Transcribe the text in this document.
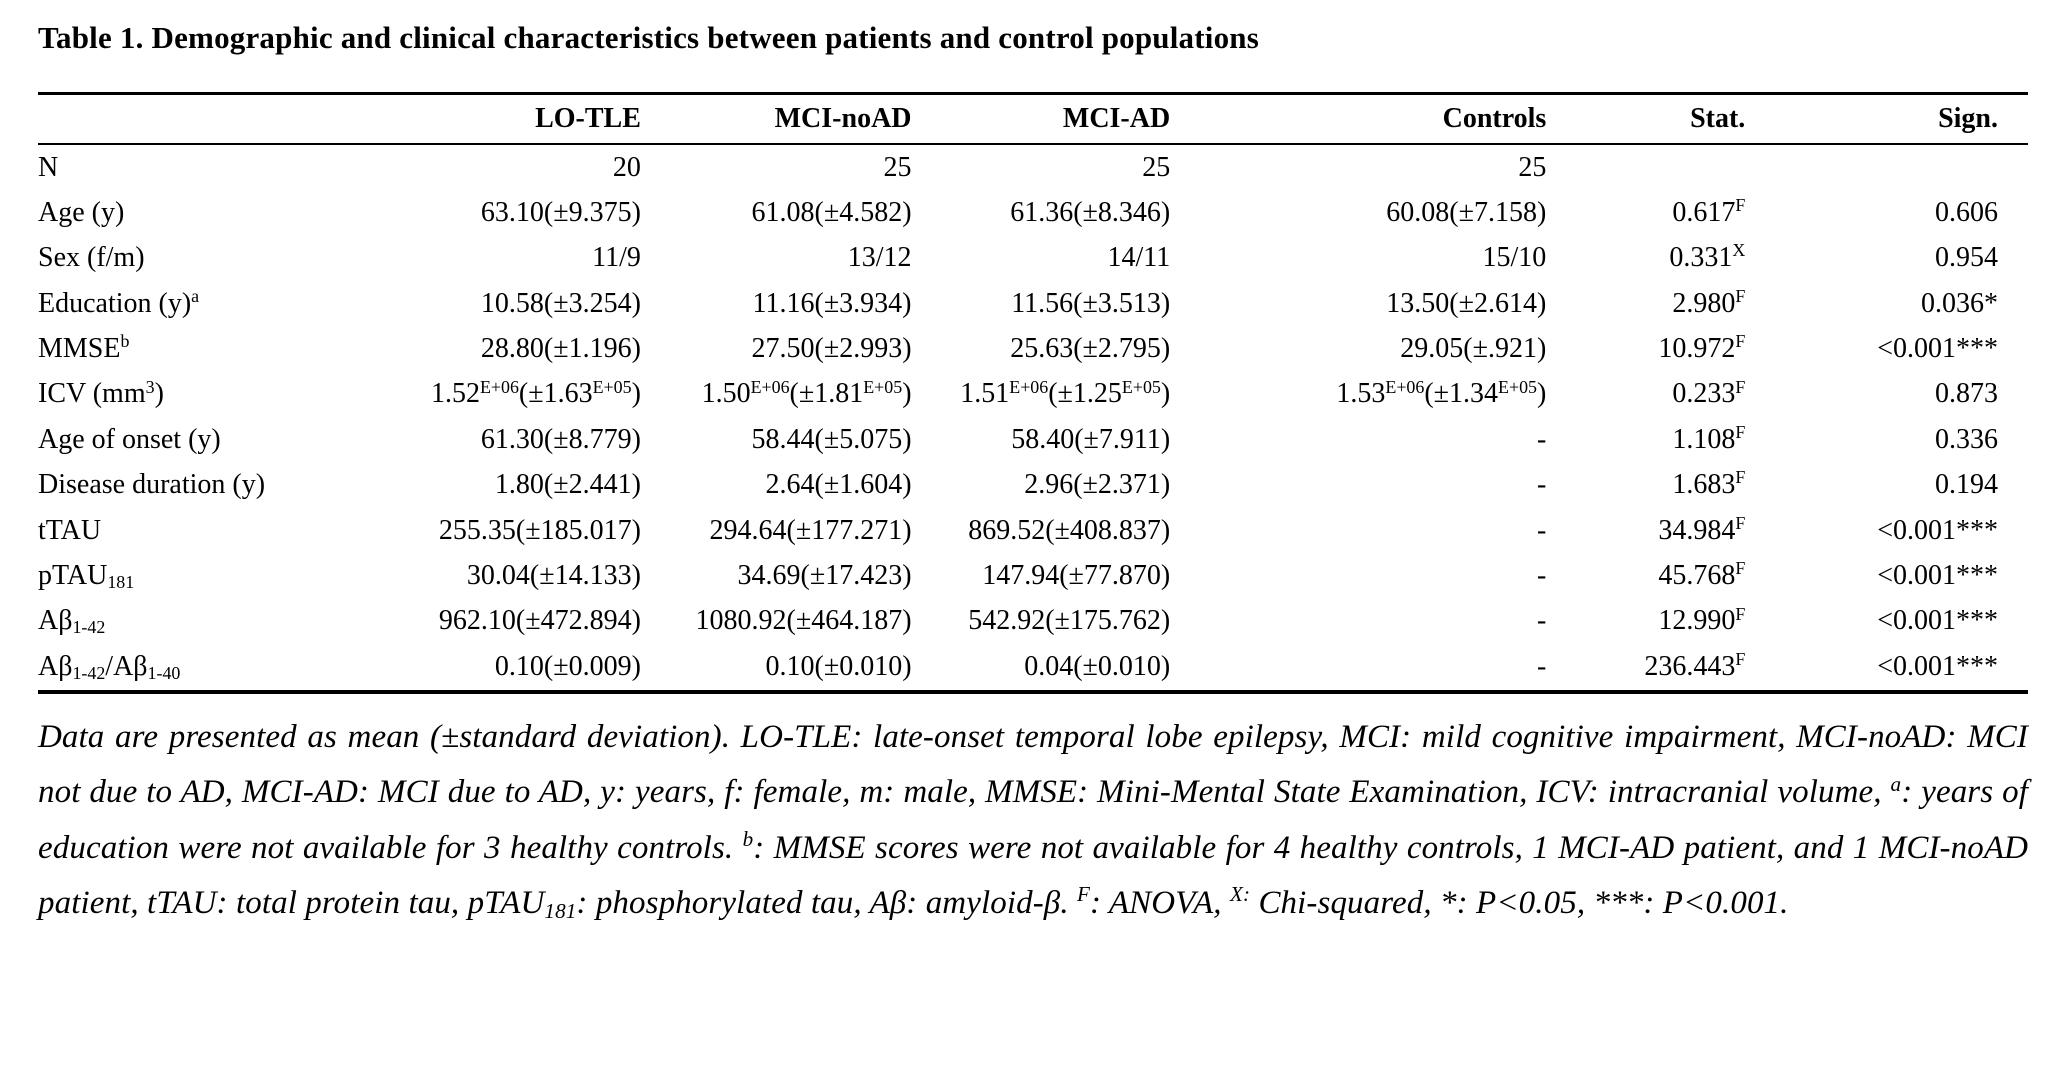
Table 1. Demographic and clinical characteristics between patients and control populations
	LO-TLE	MCI-noAD	MCI-AD	Controls	Stat.	Sign.
N	20	25	25	25		
Age (y)	63.10(±9.375)	61.08(±4.582)	61.36(±8.346)	60.08(±7.158)	$0.617^F$	0.606
Sex (f/m)	11/9	13/12	14/11	15/10	$0.331^X$	0.954
Education $(y)^a$	10.58(±3.254)	11.16(±3.934)	11.56(±3.513)	13.50(±2.614)	$2.980^F$	0.036*
MMSE$^b$	28.80(±1.196)	27.50(±2.993)	25.63(±2.795)	29.05(±.921)	$10.972^F$	<0.001***
ICV $(mm^3)$	$1.52^{E+06}(\pm 1.63^{E+05})$	$1.50^{E+06}(\pm 1.81^{E+05})$	$1.51^{E+06}(\pm 1.25^{E+05})$	$1.53^{E+06}(\pm 1.34^{E+05})$	$0.233^F$	0.873
Age of onset (y)	61.30(±8.779)	58.44(±5.075)	58.40(±7.911)	-	$1.108^F$	0.336
Disease duration (y)	1.80(±2.441)	2.64(±1.604)	2.96(±2.371)	-	$1.683^F$	0.194
tTAU	255.35(±185.017)	294.64(±177.271)	869.52(±408.837)	-	$34.984^F$	<0.001***
pTAU$_{181}$	30.04(±14.133)	34.69(±17.423)	147.94(±77.870)	-	$45.768^F$	<0.001***
$A\beta_{1-42}$	962.10(±472.894)	1080.92(±464.187)	542.92(±175.762)	-	$12.990^F$	<0.001***
$A\beta_{1-42}/A\beta_{1-40}$	0.10(±0.009)	0.10(±0.010)	0.04(±0.010)	-	$236.443^F$	<0.001***

Data are presented as mean (±standard deviation). LO-TLE: late-onset temporal lobe epilepsy, MCI: mild cognitive impairment, MCI-noAD: MCI not due to AD, MCI-AD: MCI due to AD, y: years, f: female, m: male, MMSE: Mini-Mental State Examination, ICV: intracranial volume, $^a$: years of education were not available for 3 healthy controls. $^b$: MMSE scores were not available for 4 healthy controls, 1 MCI-AD patient, and 1 MCI-noAD patient, tTAU: total protein tau, pTAU$_{181}$: phosphorylated tau, Aβ: amyloid-β. $^F$: ANOVA, $^{X:}$ Chi-squared, *: P<0.05, ***: P<0.001.
